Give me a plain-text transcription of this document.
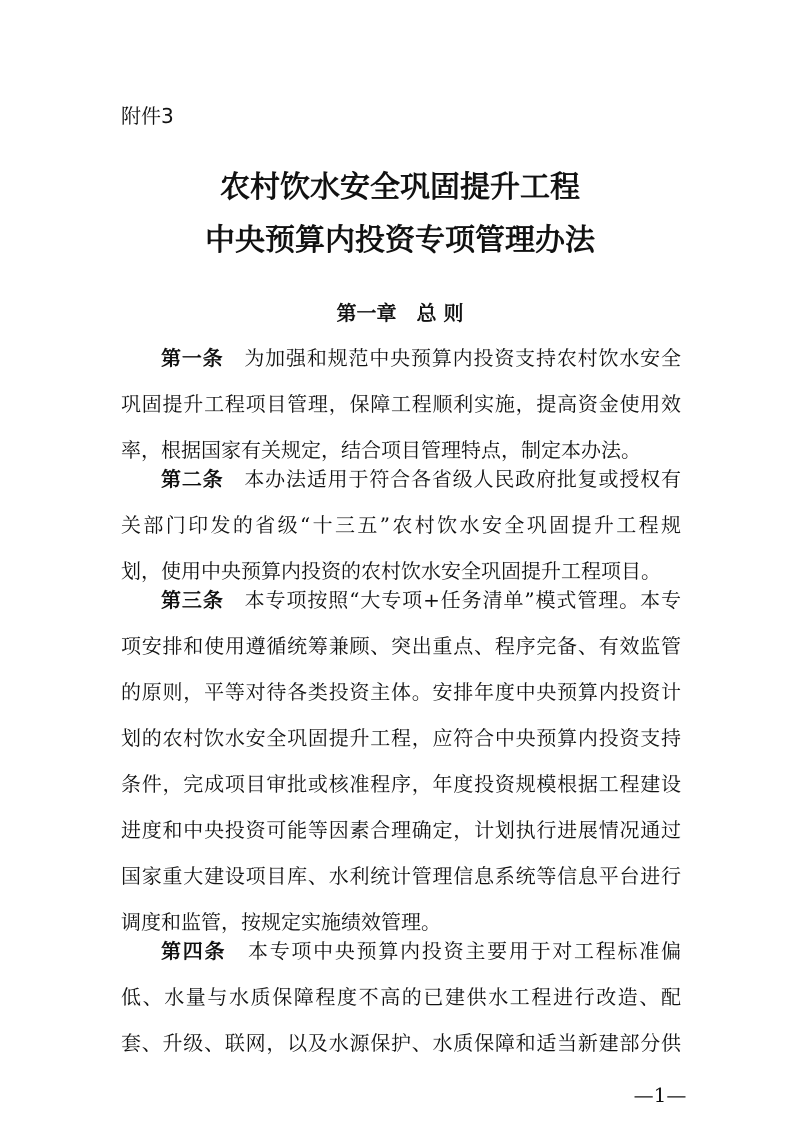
附件3
农村饮水安全巩固提升工程
中央预算内投资专项管理办法
第一章 总 则
第一条 为加强和规范中央预算内投资支持农村饮水安全
巩固提升工程项目管理，保障工程顺利实施，提高资金使用效
率，根据国家有关规定，结合项目管理特点，制定本办法。
第二条 本办法适用于符合各省级人民政府批复或授权有
关部门印发的省级“十三五”农村饮水安全巩固提升工程规
划，使用中央预算内投资的农村饮水安全巩固提升工程项目。
第三条 本专项按照“大专项+任务清单”模式管理。本专
项安排和使用遵循统筹兼顾、突出重点、程序完备、有效监管
的原则，平等对待各类投资主体。安排年度中央预算内投资计
划的农村饮水安全巩固提升工程，应符合中央预算内投资支持
条件，完成项目审批或核准程序，年度投资规模根据工程建设
进度和中央投资可能等因素合理确定，计划执行进展情况通过
国家重大建设项目库、水利统计管理信息系统等信息平台进行
调度和监管，按规定实施绩效管理。
第四条 本专项中央预算内投资主要用于对工程标准偏
低、水量与水质保障程度不高的已建供水工程进行改造、配
套、升级、联网，以及水源保护、水质保障和适当新建部分供
—1—
